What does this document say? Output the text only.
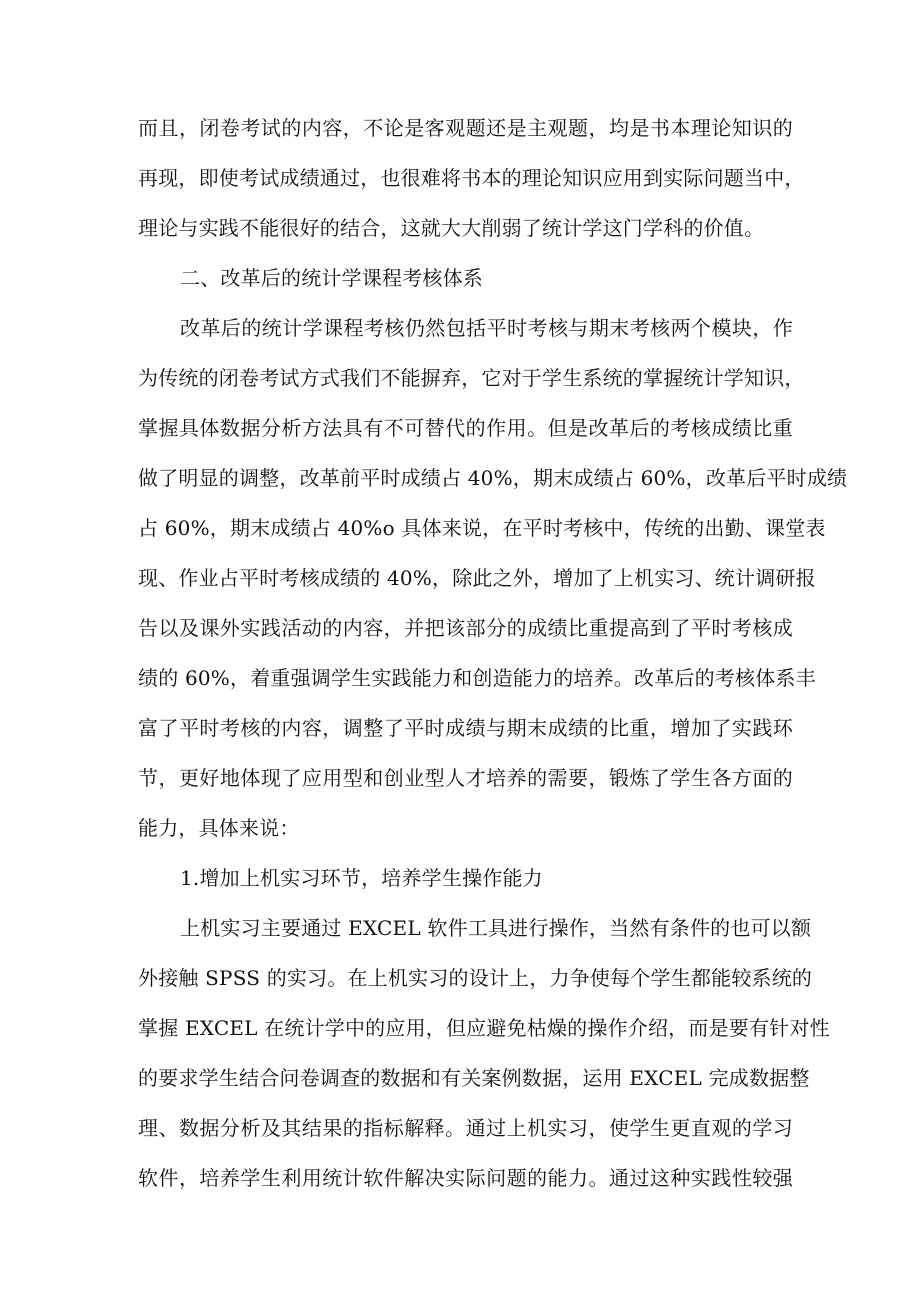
而且，闭卷考试的内容，不论是客观题还是主观题，均是书本理论知识的

再现，即使考试成绩通过，也很难将书本的理论知识应用到实际问题当中，

理论与实践不能很好的结合，这就大大削弱了统计学这门学科的价值。

二、改革后的统计学课程考核体系

改革后的统计学课程考核仍然包括平时考核与期末考核两个模块，作

为传统的闭卷考试方式我们不能摒弃，它对于学生系统的掌握统计学知识，

掌握具体数据分析方法具有不可替代的作用。但是改革后的考核成绩比重

做了明显的调整，改革前平时成绩占 40%，期末成绩占 60%，改革后平时成绩

占 60%，期末成绩占 40%o 具体来说，在平时考核中，传统的出勤、课堂表

现、作业占平时考核成绩的 40%，除此之外，增加了上机实习、统计调研报

告以及课外实践活动的内容，并把该部分的成绩比重提高到了平时考核成

绩的 60%，着重强调学生实践能力和创造能力的培养。改革后的考核体系丰

富了平时考核的内容，调整了平时成绩与期末成绩的比重，增加了实践环

节，更好地体现了应用型和创业型人才培养的需要，锻炼了学生各方面的

能力，具体来说：

1.增加上机实习环节，培养学生操作能力

上机实习主要通过 EXCEL 软件工具进行操作，当然有条件的也可以额

外接触 SPSS 的实习。在上机实习的设计上，力争使每个学生都能较系统的

掌握 EXCEL 在统计学中的应用，但应避免枯燥的操作介绍，而是要有针对性

的要求学生结合问卷调查的数据和有关案例数据，运用 EXCEL 完成数据整

理、数据分析及其结果的指标解释。通过上机实习，使学生更直观的学习

软件，培养学生利用统计软件解决实际问题的能力。通过这种实践性较强
